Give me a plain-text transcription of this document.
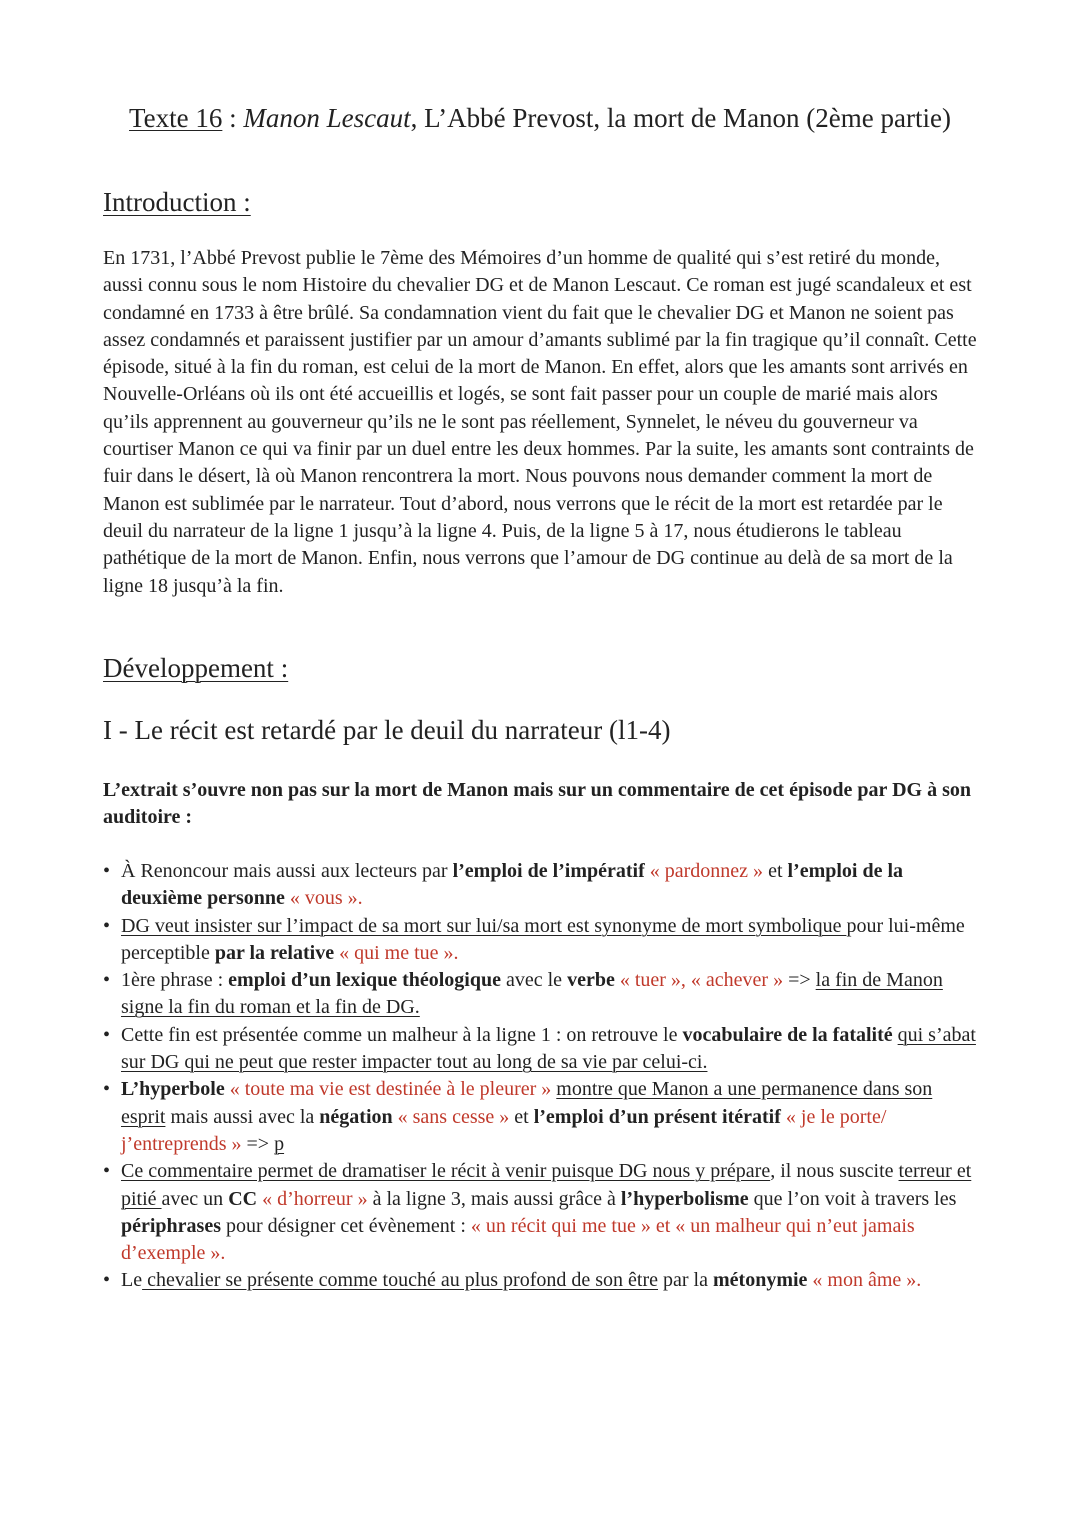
Texte 16 : Manon Lescaut, L’Abbé Prevost, la mort de Manon (2ème partie)
Introduction :

En 1731, l’Abbé Prevost publie le 7ème des Mémoires d’un homme de qualité qui s’est retiré du monde, aussi connu sous le nom Histoire du chevalier DG et de Manon Lescaut. Ce roman est jugé scandaleux et est condamné en 1733 à être brûlé. Sa condamnation vient du fait que le chevalier DG et Manon ne soient pas assez condamnés et paraissent justifier par un amour d’amants sublimé par la fin tragique qu’il connaît. Cette épisode, situé à la fin du roman, est celui de la mort de Manon. En effet, alors que les amants sont arrivés en Nouvelle-Orléans où ils ont été accueillis et logés, se sont fait passer pour un couple de marié mais alors qu’ils apprennent au gouverneur qu’ils ne le sont pas réellement, Synnelet, le néveu du gouverneur va courtiser Manon ce qui va finir par un duel entre les deux hommes. Par la suite, les amants sont contraints de fuir dans le désert, là où Manon rencontrera la mort. Nous pouvons nous demander comment la mort de Manon est sublimée par le narrateur. Tout d’abord, nous verrons que le récit de la mort est retardée par le deuil du narrateur de la ligne 1 jusqu’à la ligne 4. Puis, de la ligne 5 à 17, nous étudierons le tableau pathétique de la mort de Manon. Enfin, nous verrons que l’amour de DG continue au delà de sa mort de la ligne 18 jusqu’à la fin.

Développement :
I - Le récit est retardé par le deuil du narrateur (l1-4)

L’extrait s’ouvre non pas sur la mort de Manon mais sur un commentaire de cet épisode par DG à son auditoire :

• À Renoncour mais aussi aux lecteurs par l’emploi de l’impératif « pardonnez » et l’emploi de la deuxième personne « vous ».
• DG veut insister sur l’impact de sa mort sur lui/sa mort est synonyme de mort symbolique pour lui-même perceptible par la relative « qui me tue ».
• 1ère phrase : emploi d’un lexique théologique avec le verbe « tuer », « achever » => la fin de Manon signe la fin du roman et la fin de DG.
• Cette fin est présentée comme un malheur à la ligne 1 : on retrouve le vocabulaire de la fatalité qui s’abat sur DG qui ne peut que rester impacter tout au long de sa vie par celui-ci.
• L’hyperbole « toute ma vie est destinée à le pleurer » montre que Manon a une permanence dans son esprit mais aussi avec la négation « sans cesse » et l’emploi d’un présent itératif « je le porte/ j’entreprends » => p
• Ce commentaire permet de dramatiser le récit à venir puisque DG nous y prépare, il nous suscite terreur et pitié avec un CC « d’horreur » à la ligne 3, mais aussi grâce à l’hyperbolisme que l’on voit à travers les périphrases pour désigner cet évènement : « un récit qui me tue » et « un malheur qui n’eut jamais d’exemple ».
• Le chevalier se présente comme touché au plus profond de son être par la métonymie « mon âme ».
